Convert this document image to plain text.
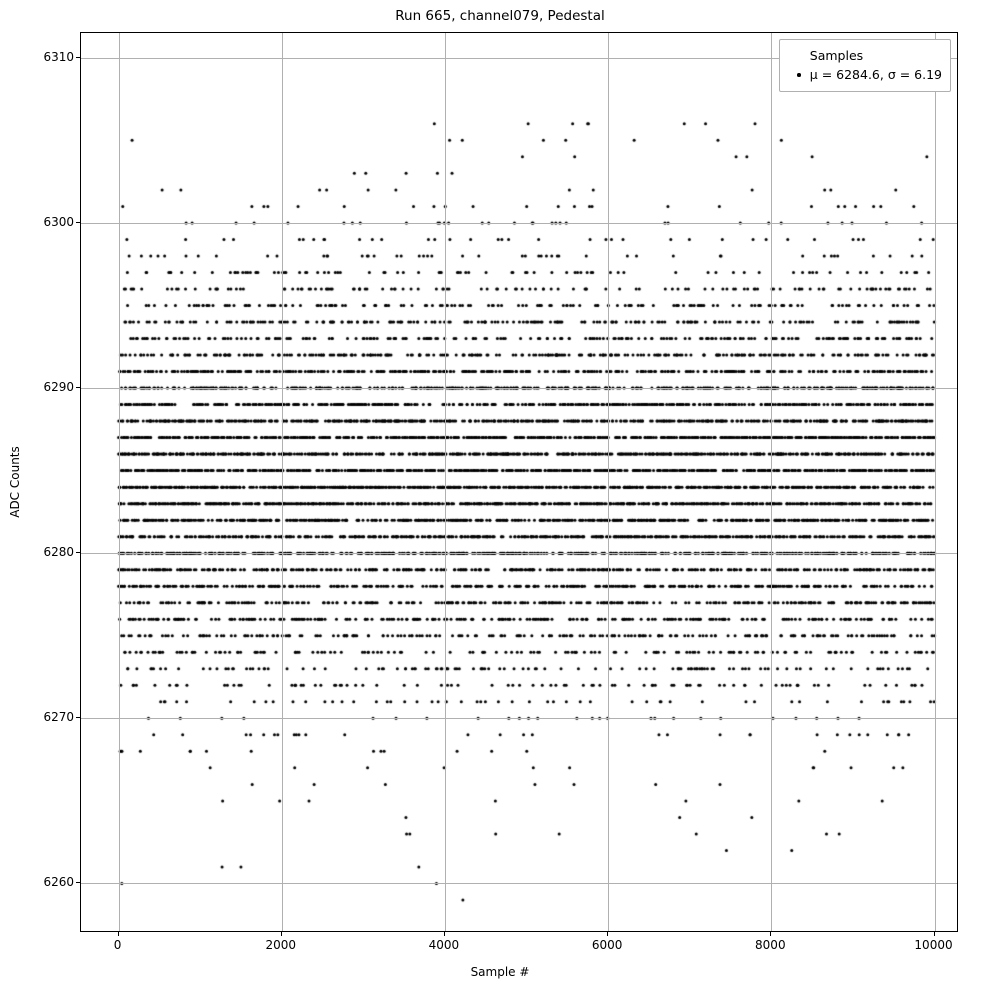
Run 665, channel079, Pedestal
Samples
μ = 6284.6, σ = 6.19
Sample #
ADC Counts
0	2000	4000	6000	8000	10000
6260
6270
6280
6290
6300
6310
